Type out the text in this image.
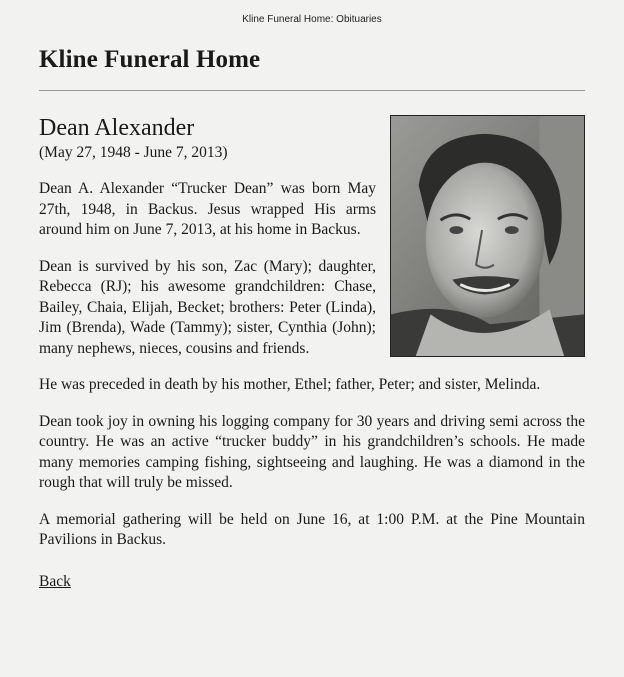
Kline Funeral Home: Obituaries
Kline Funeral Home
Dean Alexander

(May 27, 1948 - June 7, 2013)

Dean A. Alexander “Trucker Dean” was born May 27th, 1948, in Backus. Jesus wrapped His arms around him on June 7, 2013, at his home in Backus.

Dean is survived by his son, Zac (Mary); daughter, Rebecca (RJ); his awesome grandchildren: Chase, Bailey, Chaia, Elijah, Becket; brothers: Peter (Linda), Jim (Brenda), Wade (Tammy); sister, Cynthia (John); many nephews, nieces, cousins and friends.

He was preceded in death by his mother, Ethel; father, Peter; and sister, Melinda.

Dean took joy in owning his logging company for 30 years and driving semi across the country. He was an active “trucker buddy” in his grandchildren’s schools. He made many memories camping fishing, sightseeing and laughing. He was a diamond in the rough that will truly be missed.

A memorial gathering will be held on June 16, at 1:00 P.M. at the Pine Mountain Pavilions in Backus.

Back
